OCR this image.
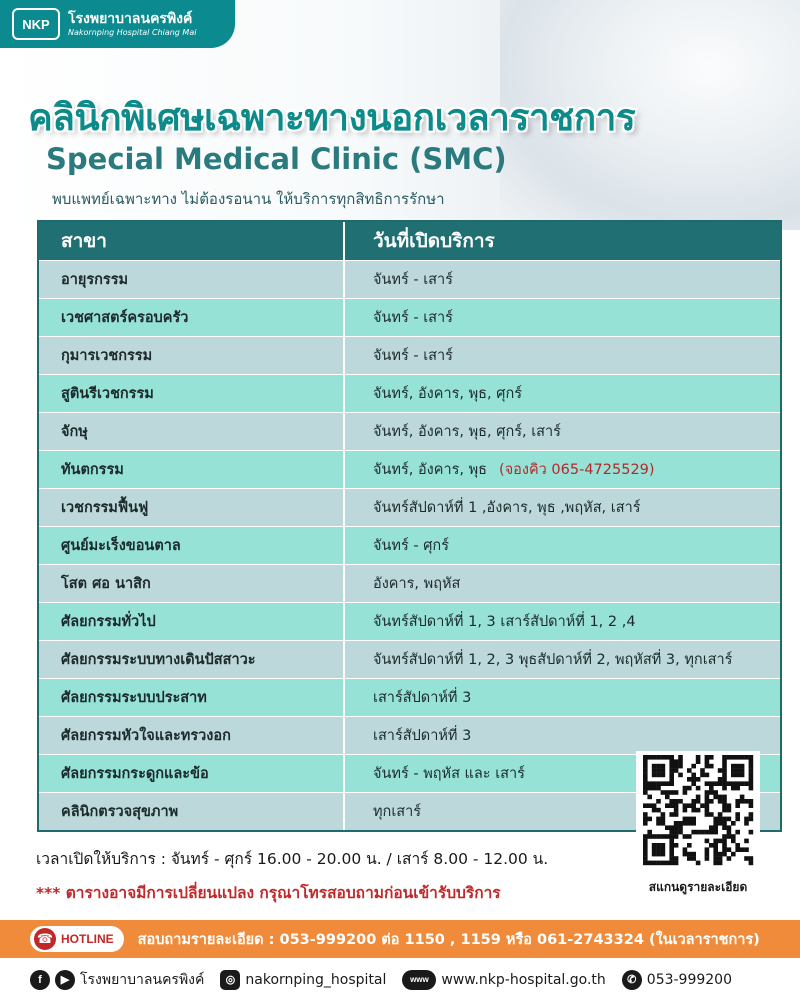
NKP	โรงพยาบาลนครพิงค์
Nakornping Hospital Chiang Mai
คลินิกพิเศษเฉพาะทางนอกเวลาราชการ
Special Medical Clinic (SMC)
พบแพทย์เฉพาะทาง ไม่ต้องรอนาน ให้บริการทุกสิทธิการรักษา
สาขา	วันที่เปิดบริการ
อายุรกรรม	จันทร์ - เสาร์
เวชศาสตร์ครอบครัว	จันทร์ - เสาร์
กุมารเวชกรรม	จันทร์ - เสาร์
สูตินรีเวชกรรม	จันทร์, อังคาร, พุธ, ศุกร์
จักษุ	จันทร์, อังคาร, พุธ, ศุกร์, เสาร์
ทันตกรรม	จันทร์, อังคาร, พุธ (จองคิว 065-4725529)
เวชกรรมฟื้นฟู	จันทร์สัปดาห์ที่ 1 ,อังคาร, พุธ ,พฤหัส, เสาร์
ศูนย์มะเร็งขอนตาล	จันทร์ - ศุกร์
โสต ศอ นาสิก	อังคาร, พฤหัส
ศัลยกรรมทั่วไป	จันทร์สัปดาห์ที่ 1, 3 เสาร์สัปดาห์ที่ 1, 2 ,4
ศัลยกรรมระบบทางเดินปัสสาวะ	จันทร์สัปดาห์ที่ 1, 2, 3 พุธสัปดาห์ที่ 2, พฤหัสที่ 3, ทุกเสาร์
ศัลยกรรมระบบประสาท	เสาร์สัปดาห์ที่ 3
ศัลยกรรมหัวใจและทรวงอก	เสาร์สัปดาห์ที่ 3
ศัลยกรรมกระดูกและข้อ	จันทร์ - พฤหัส และ เสาร์
คลินิกตรวจสุขภาพ	ทุกเสาร์
สแกนดูรายละเอียด
เวลาเปิดให้บริการ : จันทร์ - ศุกร์ 16.00 - 20.00 น. / เสาร์ 8.00 - 12.00 น.
*** ตารางอาจมีการเปลี่ยนแปลง กรุณาโทรสอบถามก่อนเข้ารับบริการ
☎ HOTLINE สอบถามรายละเอียด : 053-999200 ต่อ 1150 , 1159 หรือ 061-2743324 (ในเวลาราชการ)
f	▶ โรงพยาบาลนครพิงค์	◎ nakornping_hospital	www www.nkp-hospital.go.th	✆ 053-999200
